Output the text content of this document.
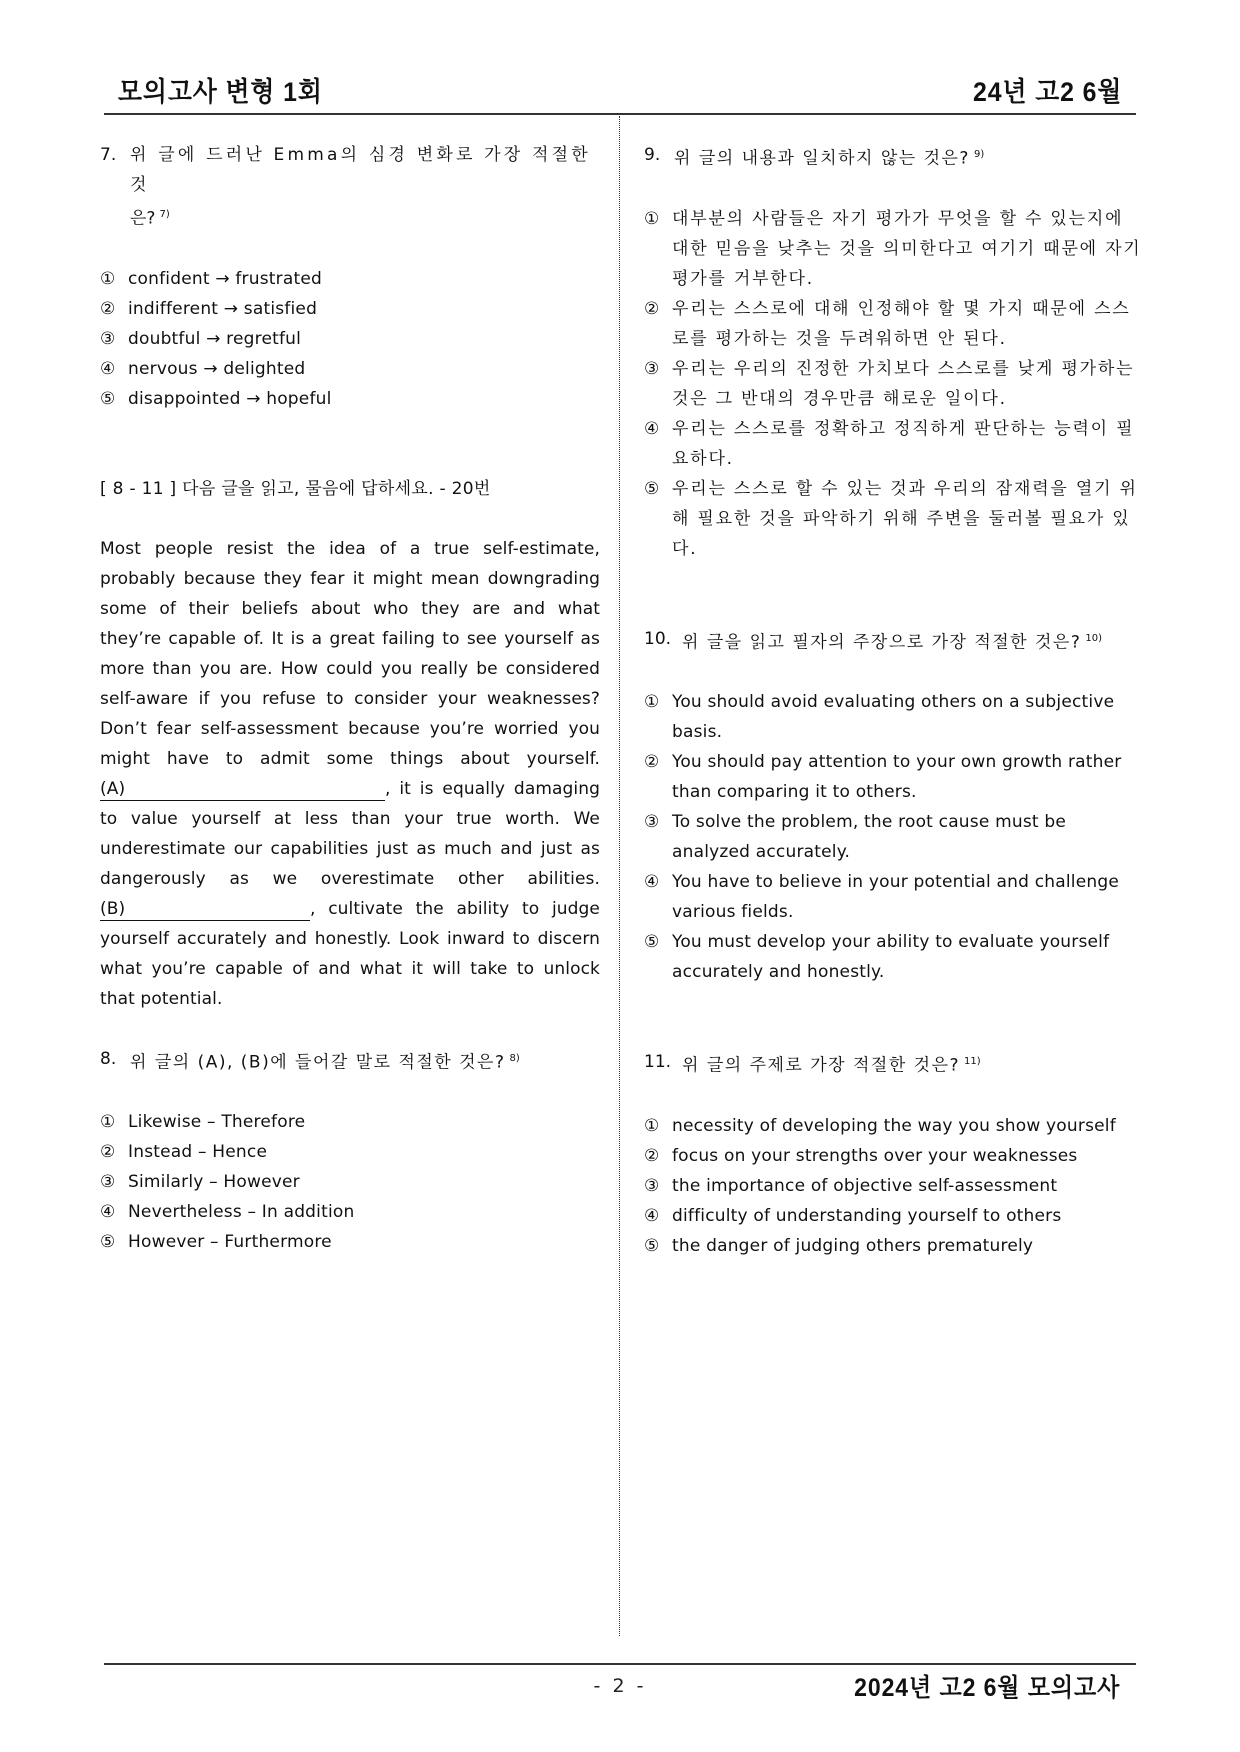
모의고사 변형 1회	24년 고2 6월
7. 위 글에 드러난 Emma의 심경 변화로 가장 적절한 것
은? $^{7)}$
① confident → frustrated
② indifferent → satisfied
③ doubtful → regretful
④ nervous → delighted
⑤ disappointed → hopeful
[ 8 - 11 ] 다음 글을 읽고, 물음에 답하세요. - 20번
Most people resist the idea of a true self-estimate, probably because they fear it might mean downgrading some of their beliefs about who they are and what they’re capable of. It is a great failing to see yourself as more than you are. How could you really be considered self-aware if you refuse to consider your weaknesses? Don’t fear self-assessment because you’re worried you might have to admit some things about yourself. (A)	, it is equally damaging to value yourself at less than your true worth. We underestimate our capabilities just as much and just as dangerously as we overestimate other abilities. (B)	, cultivate the ability to judge yourself accurately and honestly. Look inward to discern what you’re capable of and what it will take to unlock that potential.
8. 위 글의 (A), (B)에 들어갈 말로 적절한 것은? $^{8)}$
① Likewise – Therefore
② Instead – Hence
③ Similarly – However
④ Nevertheless – In addition
⑤ However – Furthermore
9. 위 글의 내용과 일치하지 않는 것은? $^{9)}$
① 대부분의 사람들은 자기 평가가 무엇을 할 수 있는지에 대한 믿음을 낮추는 것을 의미한다고 여기기 때문에 자기 평가를 거부한다.
② 우리는 스스로에 대해 인정해야 할 몇 가지 때문에 스스로를 평가하는 것을 두려워하면 안 된다.
③ 우리는 우리의 진정한 가치보다 스스로를 낮게 평가하는 것은 그 반대의 경우만큼 해로운 일이다.
④ 우리는 스스로를 정확하고 정직하게 판단하는 능력이 필요하다.
⑤ 우리는 스스로 할 수 있는 것과 우리의 잠재력을 열기 위해 필요한 것을 파악하기 위해 주변을 둘러볼 필요가 있다.
10. 위 글을 읽고 필자의 주장으로 가장 적절한 것은? $^{10)}$
① You should avoid evaluating others on a subjective basis.
② You should pay attention to your own growth rather than comparing it to others.
③ To solve the problem, the root cause must be analyzed accurately.
④ You have to believe in your potential and challenge various fields.
⑤ You must develop your ability to evaluate yourself accurately and honestly.
11. 위 글의 주제로 가장 적절한 것은? $^{11)}$
① necessity of developing the way you show yourself
② focus on your strengths over your weaknesses
③ the importance of objective self-assessment
④ difficulty of understanding yourself to others
⑤ the danger of judging others prematurely
- 2 -	2024년 고2 6월 모의고사
